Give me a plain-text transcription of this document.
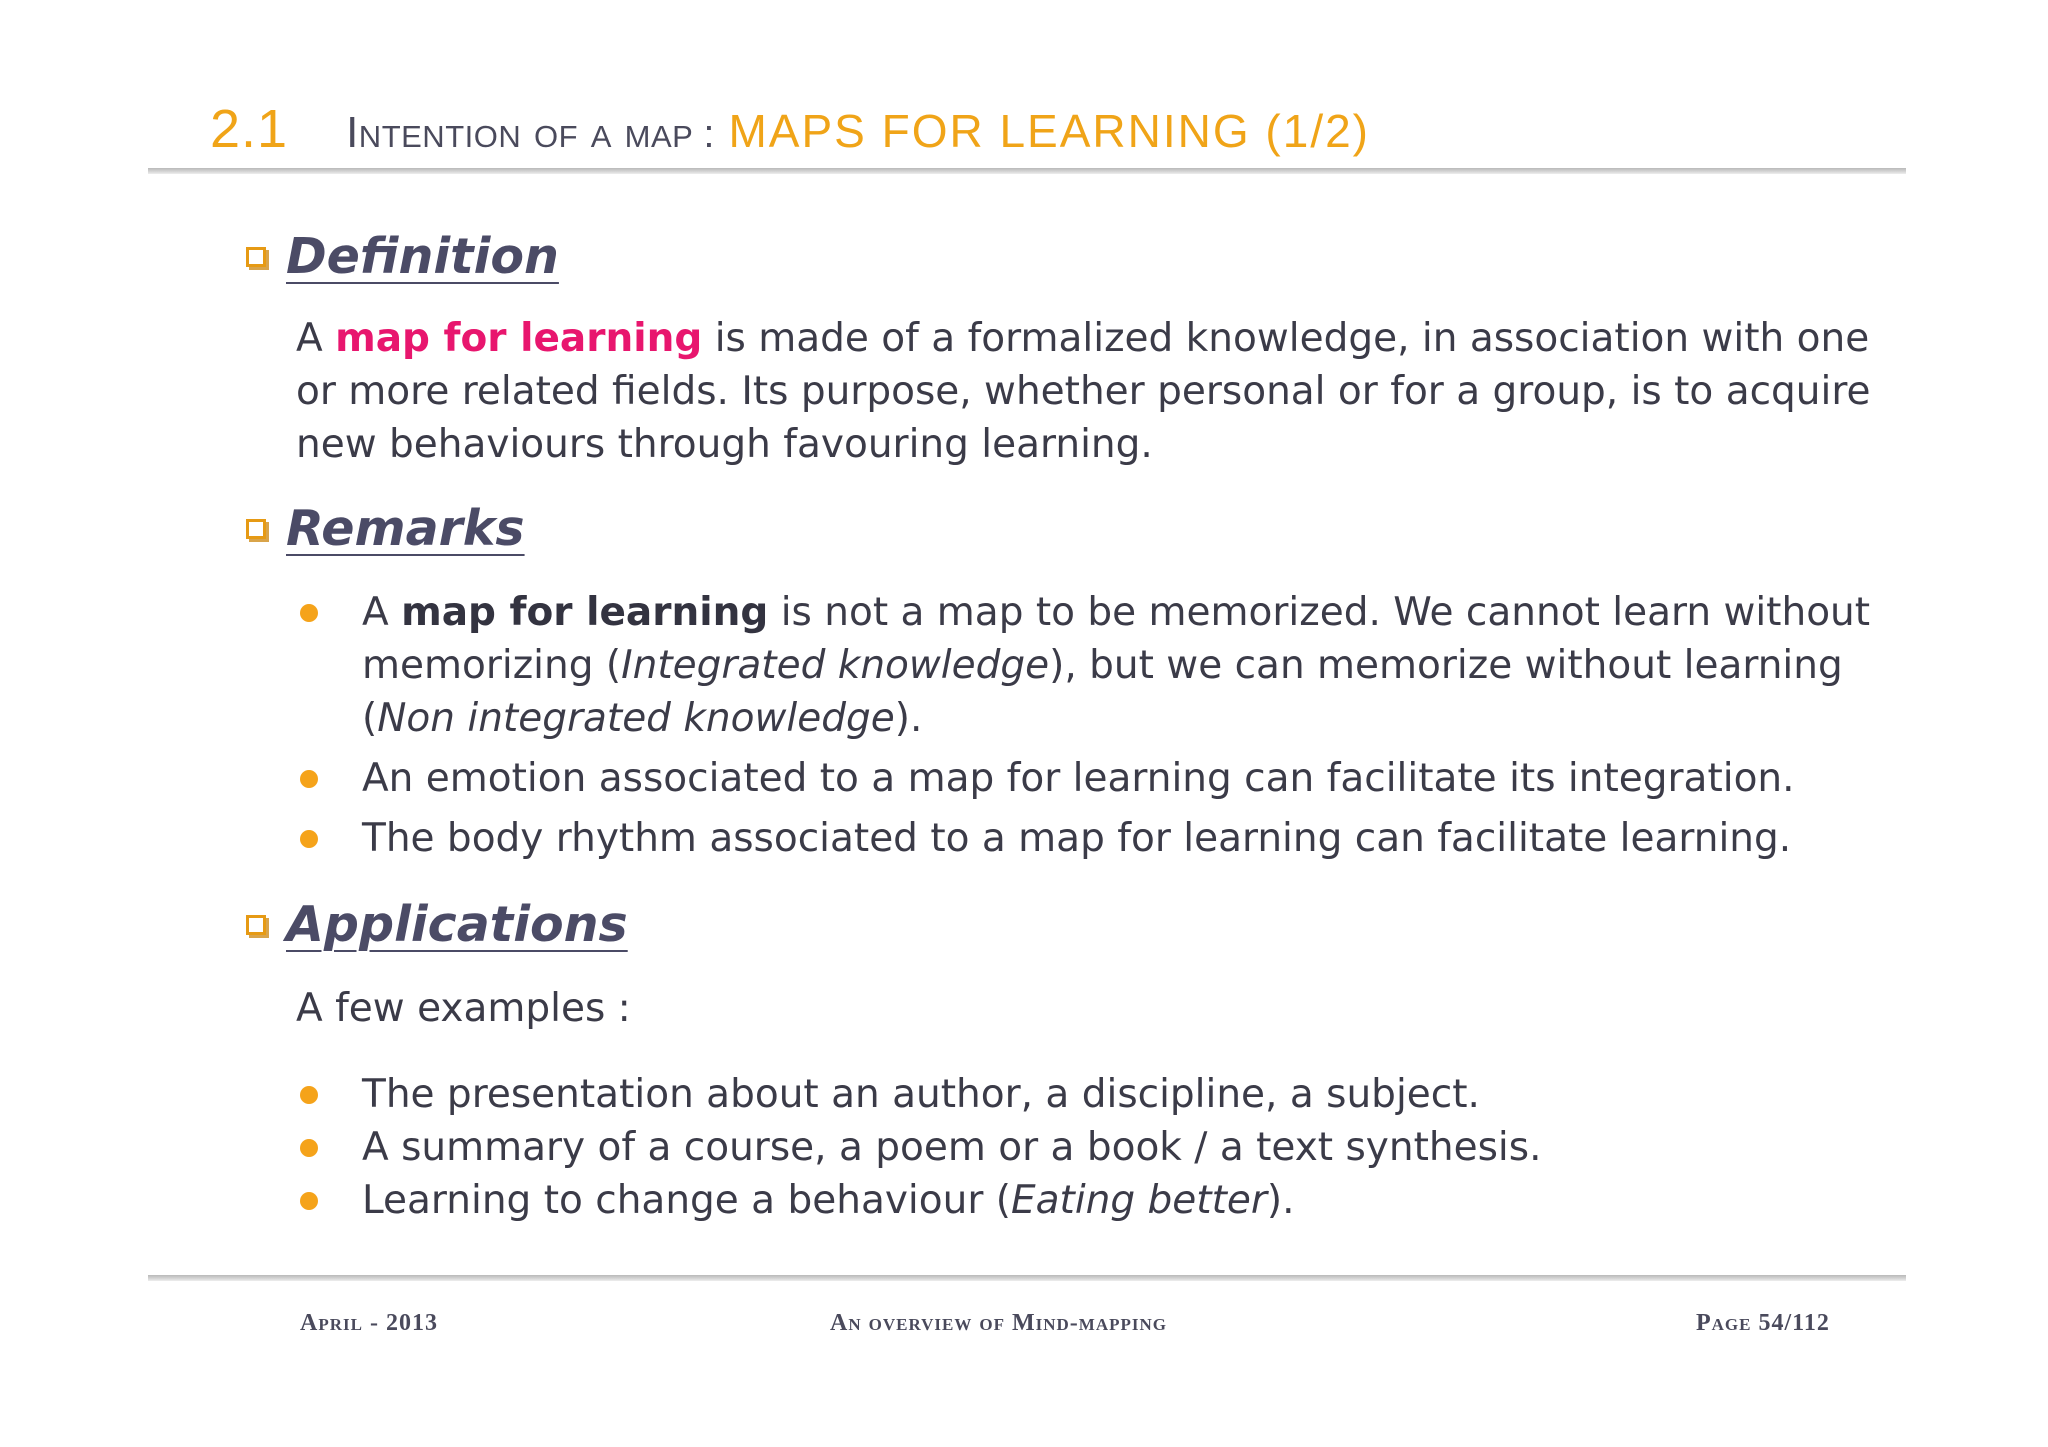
2.1 Intention of a map : MAPS FOR LEARNING (1/2)
Definition
A map for learning is made of a formalized knowledge, in association with one or more related fields. Its purpose, whether personal or for a group, is to acquire new behaviours through favouring learning.
Remarks
A map for learning is not a map to be memorized. We cannot learn without memorizing (Integrated knowledge), but we can memorize without learning (Non integrated knowledge).
An emotion associated to a map for learning can facilitate its integration.
The body rhythm associated to a map for learning can facilitate learning.
Applications
A few examples :
The presentation about an author, a discipline, a subject.
A summary of a course, a poem or a book / a text synthesis.
Learning to change a behaviour (Eating better).
April - 2013	An overview of Mind-mapping	Page 54/112
